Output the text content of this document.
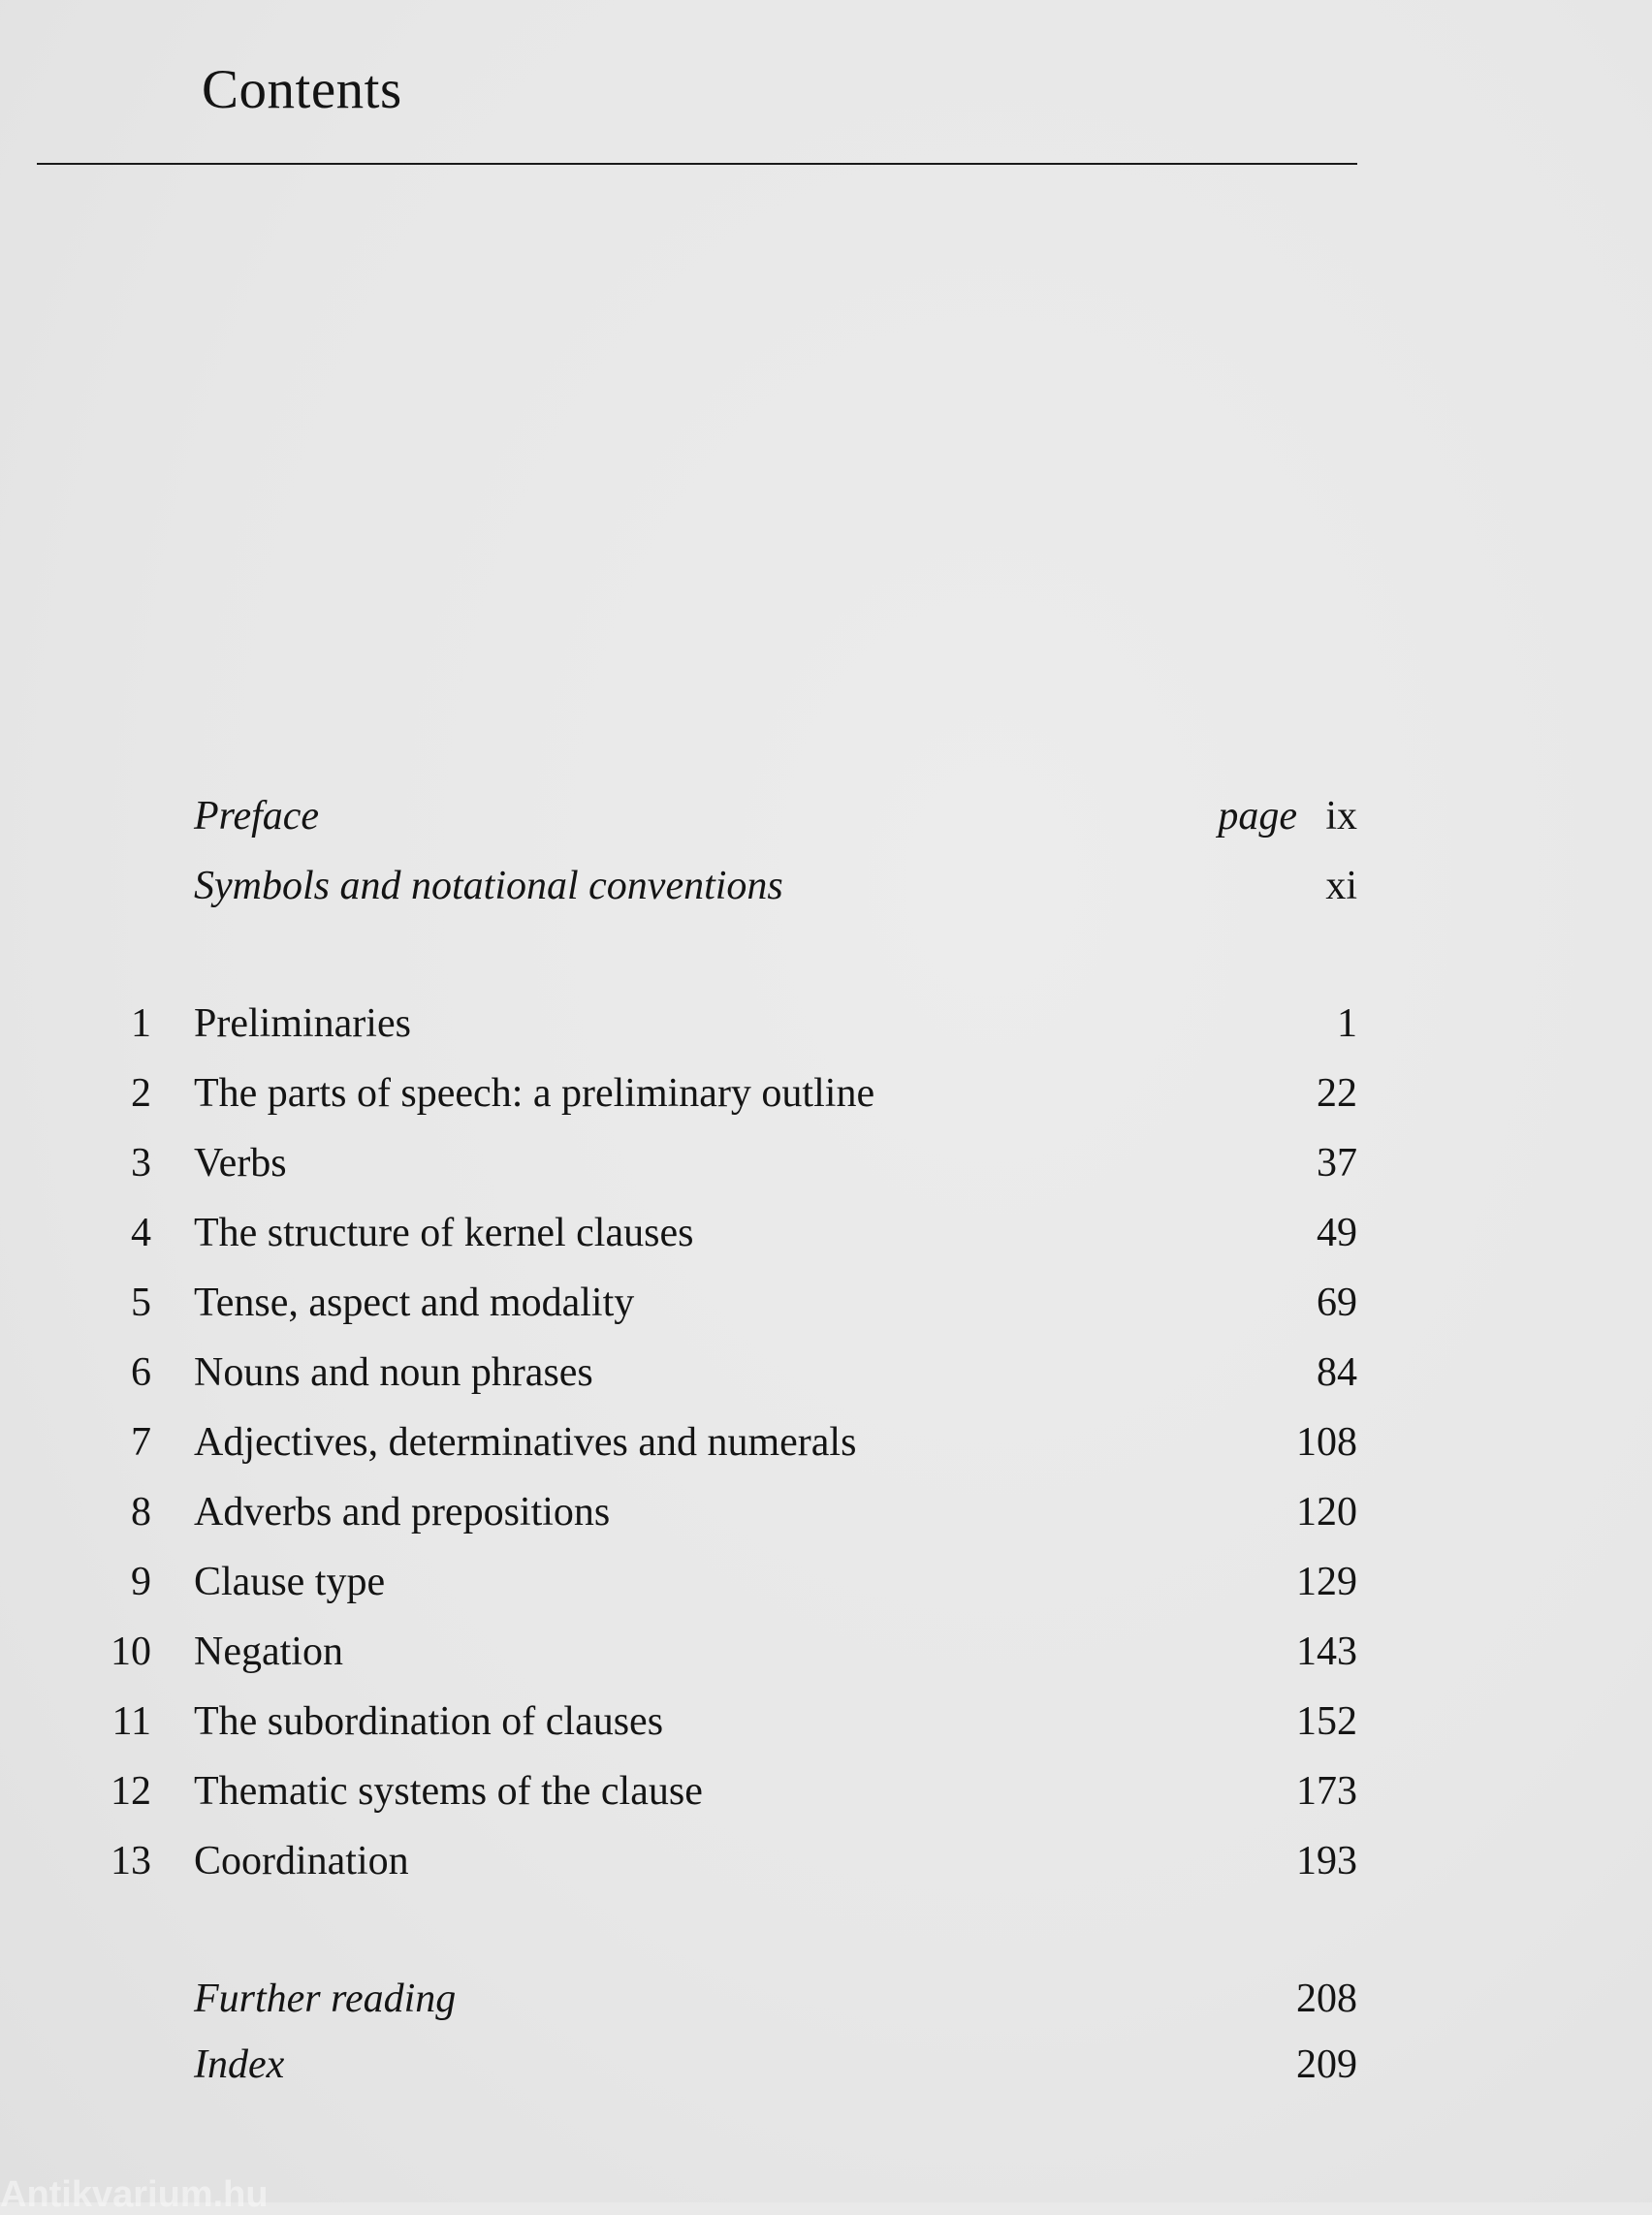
Contents
Preface	page ix
Symbols and notational conventions	xi
1 Preliminaries	1
2 The parts of speech: a preliminary outline	22
3 Verbs	37
4 The structure of kernel clauses	49
5 Tense, aspect and modality	69
6 Nouns and noun phrases	84
7 Adjectives, determinatives and numerals	108
8 Adverbs and prepositions	120
9 Clause type	129
10 Negation	143
11 The subordination of clauses	152
12 Thematic systems of the clause	173
13 Coordination	193
Further reading	208
Index	209
Antikvarium.hu
